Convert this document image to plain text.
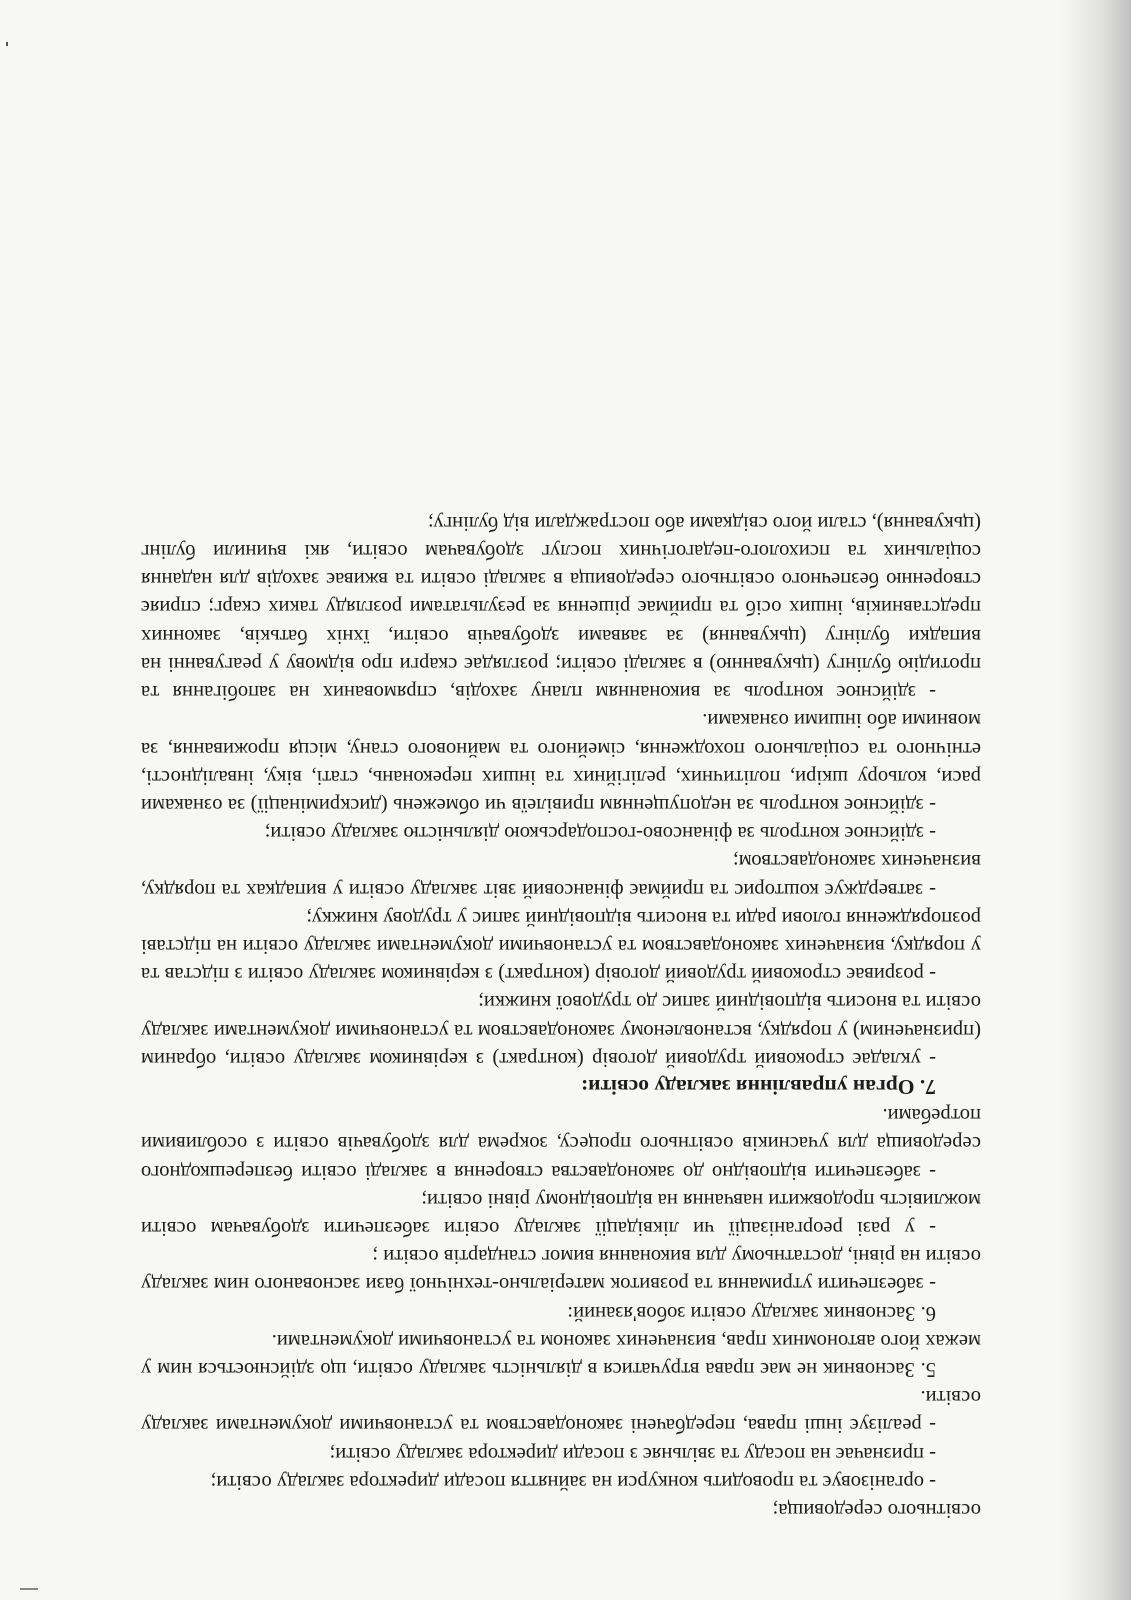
освітнього середовища;

- організовує та проводить конкурси на зайняття посади директора закладу освіти;

- призначає на посаду та звільняє з посади директора закладу освіти;

- реалізує інші права, передбачені законодавством та установчими документами закладу освіти.

5. Засновник не має права втручатися в діяльність закладу освіти, що здійснюється ним у межах його автономних прав, визначених законом та установчими документами.

6. Засновник закладу освіти зобов'язаний:

- забезпечити утримання та розвиток матеріально-технічної бази заснованого ним закладу освіти на рівні, достатньому для виконання вимог стандартів освіти ;

- у разі реорганізації чи ліквідації закладу освіти забезпечити здобувачам освіти можливість продовжити навчання на відповідному рівні освіти;

- забезпечити відповідно до законодавства створення в закладі освіти безперешкодного середовища для учасників освітнього процесу, зокрема для здобувачів освіти з особливими потребами.

7. Орган управління закладу освіти:

- укладає строковий трудовий договір (контракт) з керівником закладу освіти, обраним (призначеним) у порядку, встановленому законодавством та установчими документами закладу освіти та вносить відповідний запис до трудової книжки;

- розриває строковий трудовий договір (контракт) з керівником закладу освіти з підстав та у порядку, визначених законодавством та установчими документами закладу освіти на підставі розпорядження голови ради та вносить відповідний запис у трудову книжку;

- затверджує кошторис та приймає фінансовий звіт закладу освіти у випадках та порядку, визначених законодавством;

- здійснює контроль за фінансово-господарською діяльністю закладу освіти;

- здійснює контроль за недопущенням привілеїв чи обмежень (дискримінації) за ознаками раси, кольору шкіри, політичних, релігійних та інших переконань, статі, віку, інвалідності, етнічного та соціального походження, сімейного та майнового стану, місця проживання, за мовними або іншими ознаками.

- здійснює контроль за виконанням плану заходів, спрямованих на запобігання та протидію булінгу (цькуванню) в закладі освіти; розглядає скарги про відмову у реагуванні на випадки булінгу (цькування) за заявами здобувачів освіти, їхніх батьків, законних представників, інших осіб та приймає рішення за результатами розгляду таких скарг; сприяє створенню безпечного освітнього середовища в закладі освіти та вживає заходів для надання соціальних та психолого-педагогічних послуг здобувачам освіти, які вчинили булінг (цькування), стали його свідками або постраждали від булінгу;
